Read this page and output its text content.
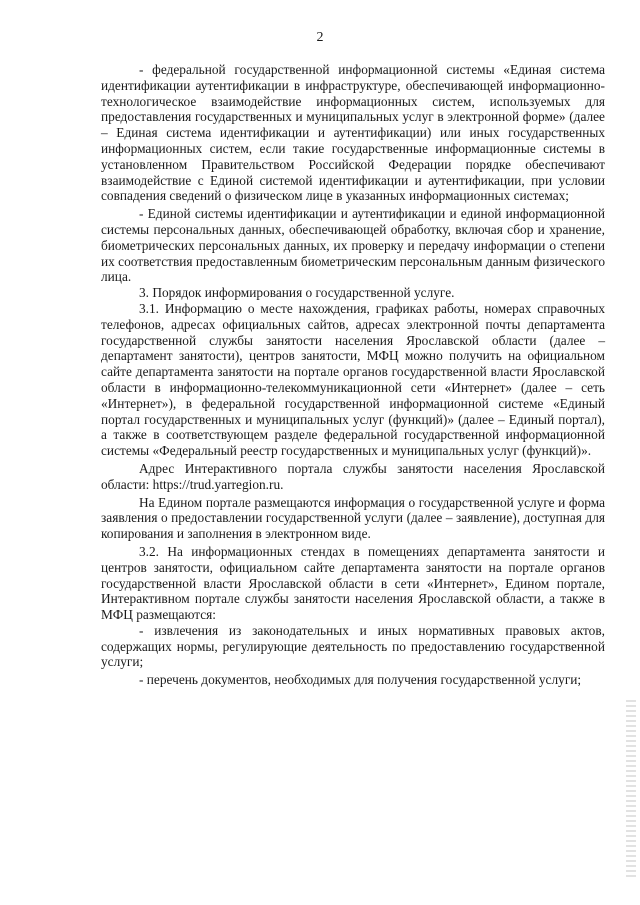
2

- федеральной государственной информационной системы «Единая система идентификации аутентификации в инфраструктуре, обеспечивающей информационно-технологическое взаимодействие информационных систем, используемых для предоставления государственных и муниципальных услуг в электронной форме» (далее – Единая система идентификации и аутентификации) или иных государственных информационных систем, если такие государственные информационные системы в установленном Правительством Российской Федерации порядке обеспечивают взаимодействие с Единой системой идентификации и аутентификации, при условии совпадения сведений о физическом лице в указанных информационных системах;

- Единой системы идентификации и аутентификации и единой информационной системы персональных данных, обеспечивающей обработку, включая сбор и хранение, биометрических персональных данных, их проверку и передачу информации о степени их соответствия предоставленным биометрическим персональным данным физического лица.

3. Порядок информирования о государственной услуге.

3.1. Информацию о месте нахождения, графиках работы, номерах справочных телефонов, адресах официальных сайтов, адресах электронной почты департамента государственной службы занятости населения Ярославской области (далее – департамент занятости), центров занятости, МФЦ можно получить на официальном сайте департамента занятости на портале органов государственной власти Ярославской области в информационно-телекоммуникационной сети «Интернет» (далее – сеть «Интернет»), в федеральной государственной информационной системе «Единый портал государственных и муниципальных услуг (функций)» (далее – Единый портал), а также в соответствующем разделе федеральной государственной информационной системы «Федеральный реестр государственных и муниципальных услуг (функций)».

Адрес Интерактивного портала службы занятости населения Ярославской области: https://trud.yarregion.ru.

На Едином портале размещаются информация о государственной услуге и форма заявления о предоставлении государственной услуги (далее – заявление), доступная для копирования и заполнения в электронном виде.

3.2. На информационных стендах в помещениях департамента занятости и центров занятости, официальном сайте департамента занятости на портале органов государственной власти Ярославской области в сети «Интернет», Едином портале, Интерактивном портале службы занятости населения Ярославской области, а также в МФЦ размещаются:

- извлечения из законодательных и иных нормативных правовых актов, содержащих нормы, регулирующие деятельность по предоставлению государственной услуги;

- перечень документов, необходимых для получения государственной услуги;
